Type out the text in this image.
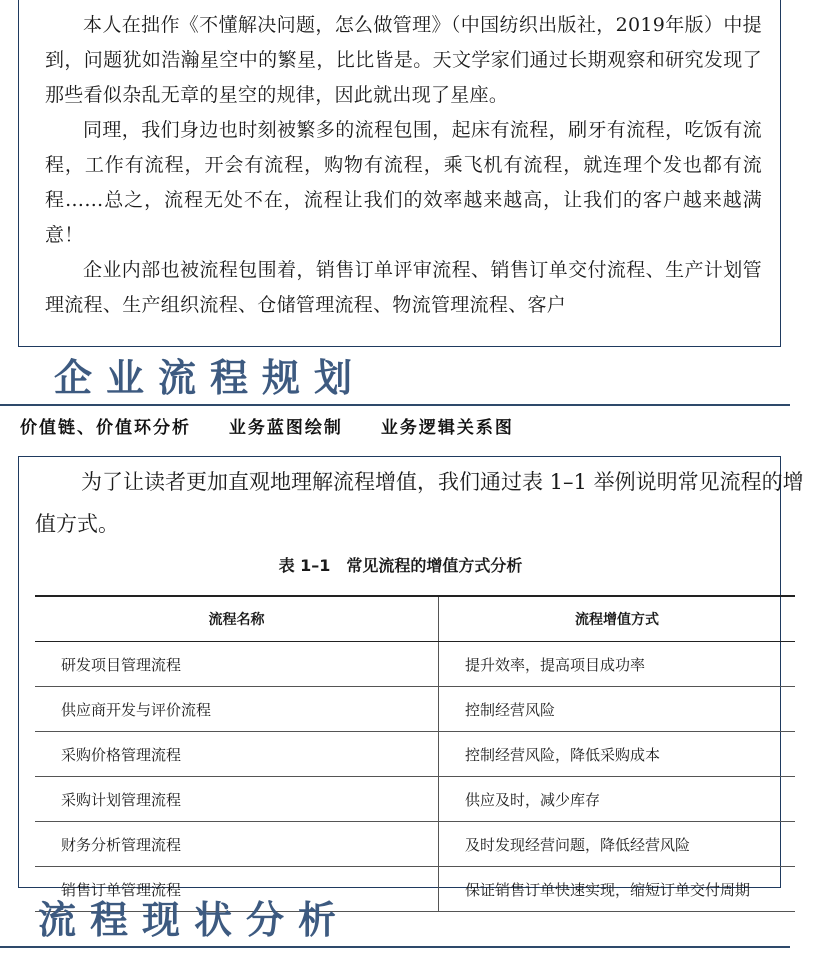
本人在拙作《不懂解决问题，怎么做管理》（中国纺织出版社，2019年版）中提到，问题犹如浩瀚星空中的繁星，比比皆是。天文学家们通过长期观察和研究发现了那些看似杂乱无章的星空的规律，因此就出现了星座。

同理，我们身边也时刻被繁多的流程包围，起床有流程，刷牙有流程，吃饭有流程，工作有流程，开会有流程，购物有流程，乘飞机有流程，就连理个发也都有流程……总之，流程无处不在，流程让我们的效率越来越高，让我们的客户越来越满意！

企业内部也被流程包围着，销售订单评审流程、销售订单交付流程、生产计划管理流程、生产组织流程、仓储管理流程、物流管理流程、客户

企业流程规划
价值链、价值环分析 业务蓝图绘制 业务逻辑关系图

为了让读者更加直观地理解流程增值，我们通过表 1–1 举例说明常见流程的增值方式。

表 1–1　常见流程的增值方式分析
流程名称	流程增值方式
研发项目管理流程	提升效率，提高项目成功率
供应商开发与评价流程	控制经营风险
采购价格管理流程	控制经营风险，降低采购成本
采购计划管理流程	供应及时，减少库存
财务分析管理流程	及时发现经营问题，降低经营风险
销售订单管理流程	保证销售订单快速实现，缩短订单交付周期
流程现状分析
